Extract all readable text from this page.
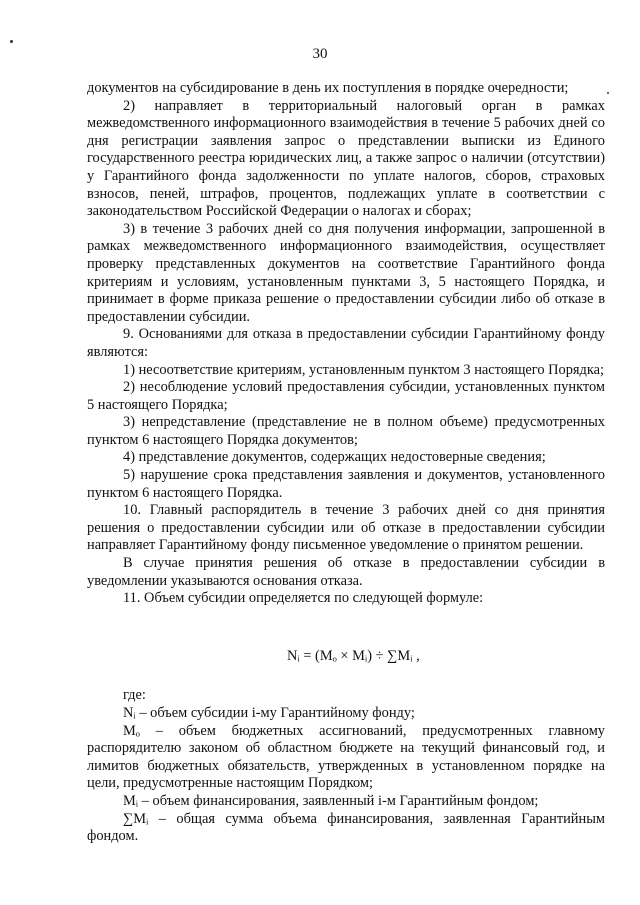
30

документов на субсидирование в день их поступления в порядке очередности;

2) направляет в территориальный налоговый орган в рамках межведомственного информационного взаимодействия в течение 5 рабочих дней со дня регистрации заявления запрос о представлении выписки из Единого государственного реестра юридических лиц, а также запрос о наличии (отсутствии) у Гарантийного фонда задолженности по уплате налогов, сборов, страховых взносов, пеней, штрафов, процентов, подлежащих уплате в соответствии с законодательством Российской Федерации о налогах и сборах;

3) в течение 3 рабочих дней со дня получения информации, запрошенной в рамках межведомственного информационного взаимодействия, осуществляет проверку представленных документов на соответствие Гарантийного фонда критериям и условиям, установленным пунктами 3, 5 настоящего Порядка, и принимает в форме приказа решение о предоставлении субсидии либо об отказе в предоставлении субсидии.

9. Основаниями для отказа в предоставлении субсидии Гарантийному фонду являются:

1) несоответствие критериям, установленным пунктом 3 настоящего Порядка;

2) несоблюдение условий предоставления субсидии, установленных пунктом 5 настоящего Порядка;

3) непредставление (представление не в полном объеме) предусмотренных пунктом 6 настоящего Порядка документов;

4) представление документов, содержащих недостоверные сведения;

5) нарушение срока представления заявления и документов, установленного пунктом 6 настоящего Порядка.

10. Главный распорядитель в течение 3 рабочих дней со дня принятия решения о предоставлении субсидии или об отказе в предоставлении субсидии направляет Гарантийному фонду письменное уведомление о принятом решении.

В случае принятия решения об отказе в предоставлении субсидии в уведомлении указываются основания отказа.

11. Объем субсидии определяется по следующей формуле:

Nᵢ = (Mₒ × Mᵢ) ÷ ∑Mᵢ ,

где:

Nᵢ – объем субсидии i-му Гарантийному фонду;

Mₒ – объем бюджетных ассигнований, предусмотренных главному распорядителю законом об областном бюджете на текущий финансовый год, и лимитов бюджетных обязательств, утвержденных в установленном порядке на цели, предусмотренные настоящим Порядком;

Mᵢ – объем финансирования, заявленный i-м Гарантийным фондом;

∑Mᵢ – общая сумма объема финансирования, заявленная Гарантийным фондом.
